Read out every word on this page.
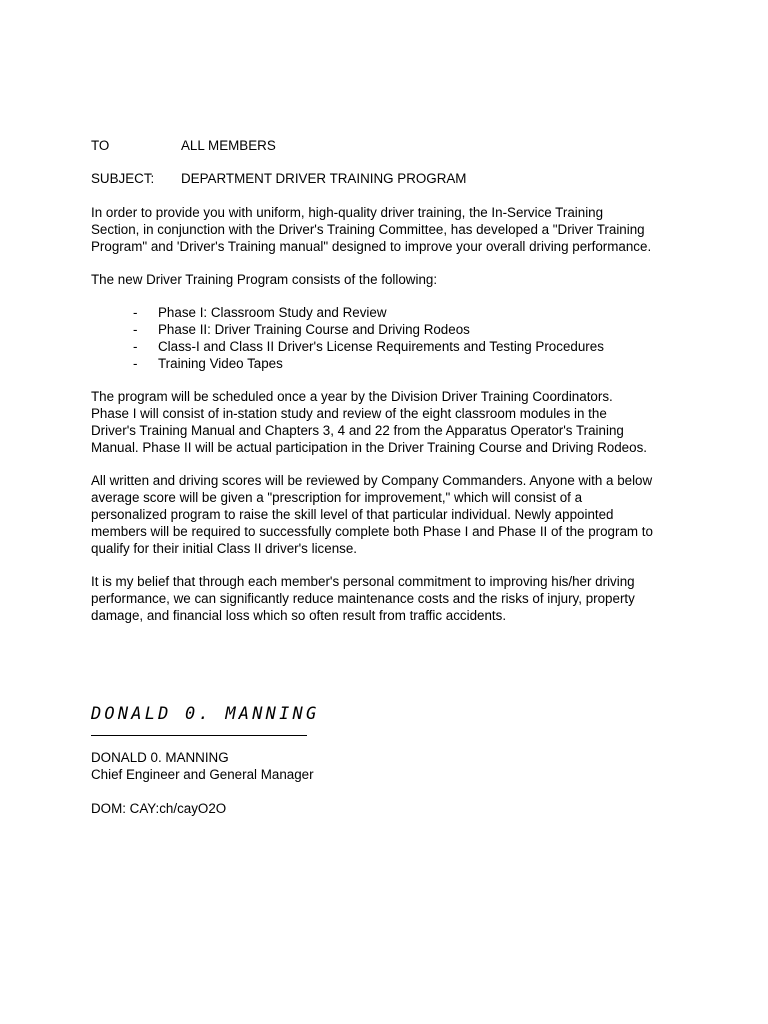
TO	ALL MEMBERS
SUBJECT: DEPARTMENT DRIVER TRAINING PROGRAM
In order to provide you with uniform, high-quality driver training, the In-Service Training
Section, in conjunction with the Driver's Training Committee, has developed a "Driver Training
Program" and 'Driver's Training manual" designed to improve your overall driving performance.
The new Driver Training Program consists of the following:
- Phase I: Classroom Study and Review
- Phase II: Driver Training Course and Driving Rodeos
- Class-I and Class II Driver's License Requirements and Testing Procedures
- Training Video Tapes
The program will be scheduled once a year by the Division Driver Training Coordinators.
Phase I will consist of in-station study and review of the eight classroom modules in the
Driver's Training Manual and Chapters 3, 4 and 22 from the Apparatus Operator's Training
Manual. Phase II will be actual participation in the Driver Training Course and Driving Rodeos.
All written and driving scores will be reviewed by Company Commanders. Anyone with a below
average score will be given a "prescription for improvement," which will consist of a
personalized program to raise the skill level of that particular individual. Newly appointed
members will be required to successfully complete both Phase I and Phase II of the program to
qualify for their initial Class II driver's license.
It is my belief that through each member's personal commitment to improving his/her driving
performance, we can significantly reduce maintenance costs and the risks of injury, property
damage, and financial loss which so often result from traffic accidents.
DONALD 0. MANNING
DONALD 0. MANNING
Chief Engineer and General Manager
DOM: CAY:ch/cayO2O
